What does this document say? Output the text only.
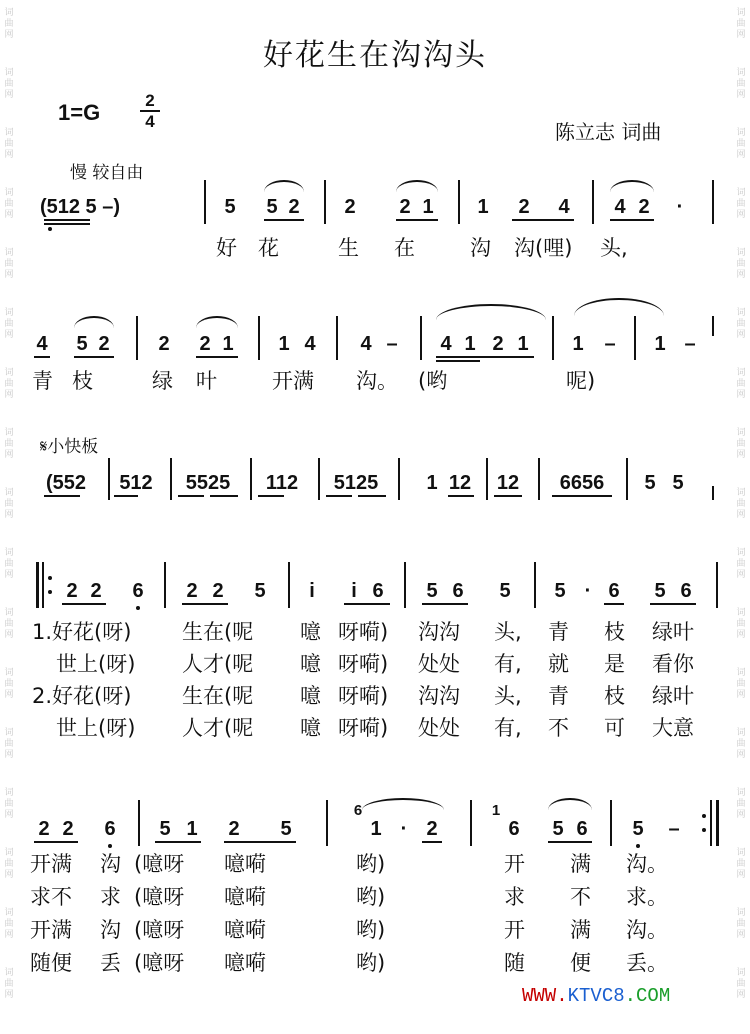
词
曲
网
词
曲
网
词
曲
网
词
曲
网
词
曲
网
词
曲
网
词
曲
网
词
曲
网
词
曲
网
词
曲
网
词
曲
网
词
曲
网
词
曲
网
词
曲
网
词
曲
网
词
曲
网
词
曲
网
词
曲
网
词
曲
网
词
曲
网
词
曲
网
词
曲
网
词
曲
网
词
曲
网
词
曲
网
词
曲
网
词
曲
网
词
曲
网
词
曲
网
词
曲
网
词
曲
网
词
曲
网
词
曲
网
词
曲
网
好花生在沟沟头
1=G	2
4	陈立志 词曲
慢 较自由
(512 5 –)	5 5 2 2 2 1 1 2 4 4 2 ·
好 花	生 在	沟 沟(哩) 头,
4 5 2 2 2 1 1 4 4 – 4 1 2 1 1 – 1 –
青 枝	绿 叶	开满 沟。 (哟	呢)
𝄋小快板
(552 512 5525 112 5125 1 12 12 6656 5 5
2 2 6 2 2 5 i i 6 5 6 5 5 · 6 5 6
1.好花(呀) 生在(呢 噫 呀嗬) 沟沟 头, 青 枝 绿叶
世上(呀) 人才(呢 噫 呀嗬) 处处 有, 就 是 看你
2.好花(呀) 生在(呢 噫 呀嗬) 沟沟 头, 青 枝 绿叶
世上(呀) 人才(呢 噫 呀嗬) 处处 有, 不 可 大意
2 2 6 5 1 2 5
6
1 · 2
1
6 5 6 5 –
开满 沟 (噫呀 噫嗬	哟)	开 满 沟。
求不 求 (噫呀 噫嗬	哟)	求 不 求。
开满 沟 (噫呀 噫嗬	哟)	开 满 沟。
随便 丢 (噫呀 噫嗬	哟)	随 便 丢。
WWW.KTVC8.COM
